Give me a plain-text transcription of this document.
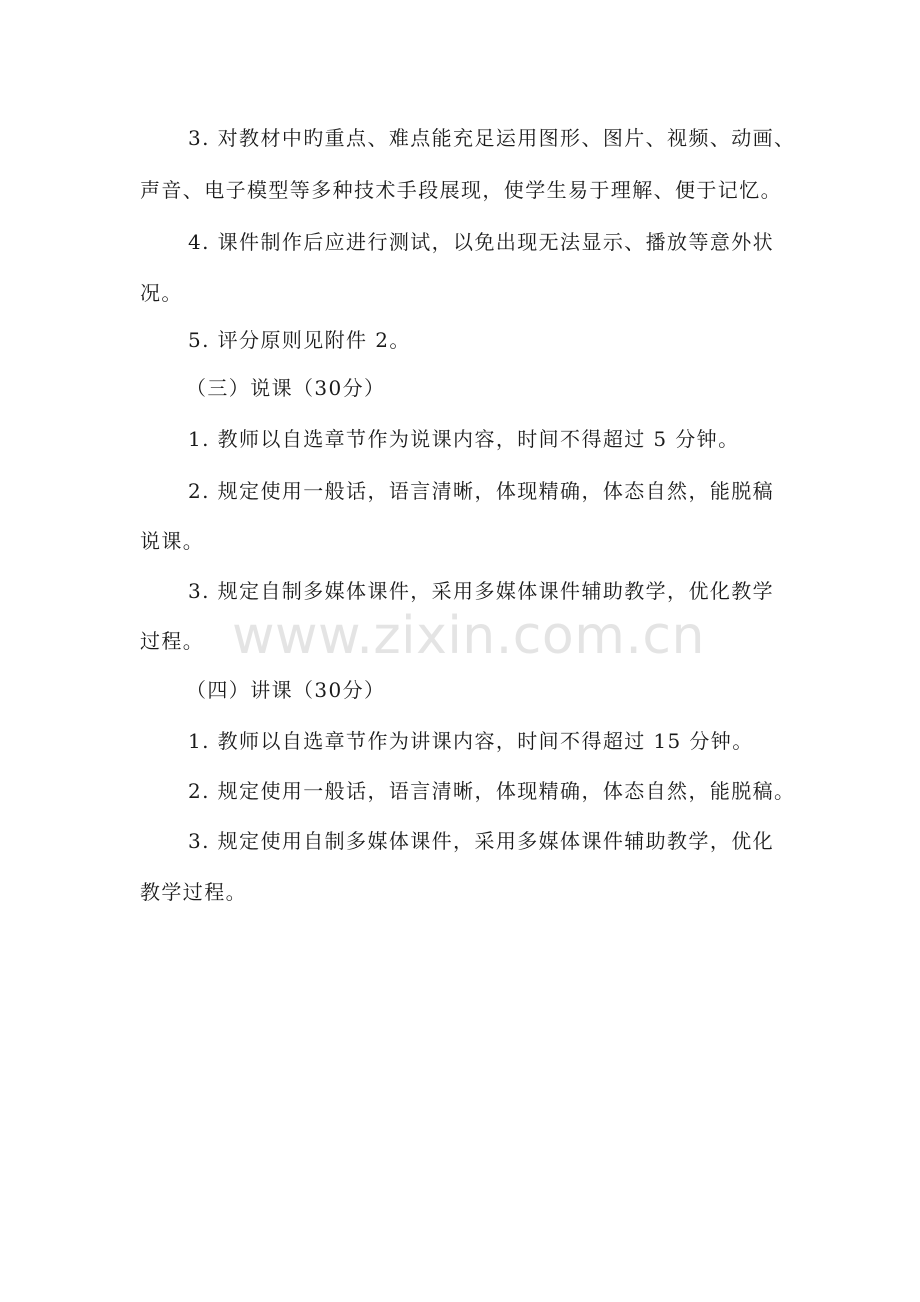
3. 对教材中旳重点、难点能充足运用图形、图片、视频、动画、
声音、电子模型等多种技术手段展现，使学生易于理解、便于记忆。
4. 课件制作后应进行测试，以免出现无法显示、播放等意外状
况。
5. 评分原则见附件 2。
（三）说课（30分）
1. 教师以自选章节作为说课内容，时间不得超过 5 分钟。
2. 规定使用一般话，语言清晰，体现精确，体态自然，能脱稿
说课。
3. 规定自制多媒体课件，采用多媒体课件辅助教学，优化教学
过程。
（四）讲课（30分）
1. 教师以自选章节作为讲课内容，时间不得超过 15 分钟。
2. 规定使用一般话，语言清晰，体现精确，体态自然，能脱稿。
3. 规定使用自制多媒体课件，采用多媒体课件辅助教学，优化
教学过程。
www.zixin.com.cn
